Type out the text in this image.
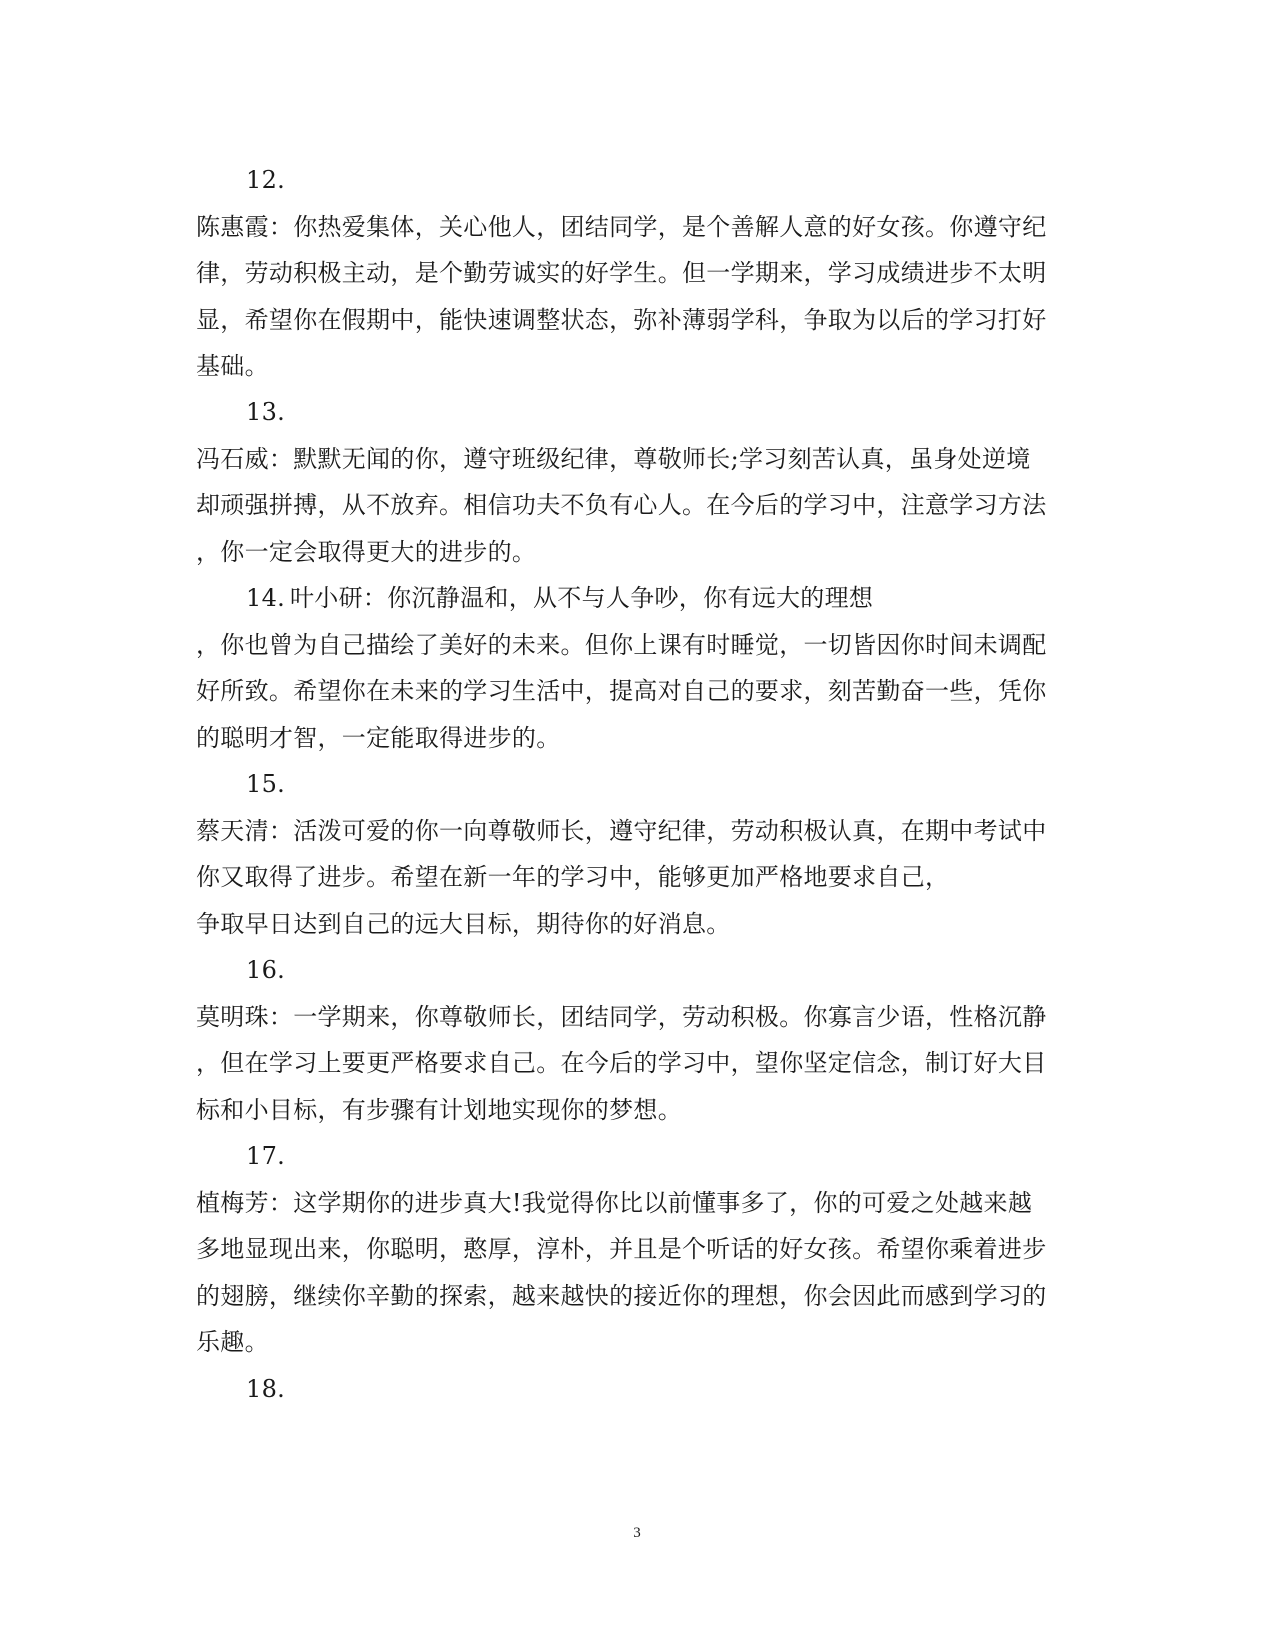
12.
陈惠霞：你热爱集体，关心他人，团结同学，是个善解人意的好女孩。你遵守纪
律，劳动积极主动，是个勤劳诚实的好学生。但一学期来，学习成绩进步不太明
显，希望你在假期中，能快速调整状态，弥补薄弱学科，争取为以后的学习打好
基础。
13.
冯石威：默默无闻的你，遵守班级纪律，尊敬师长;学习刻苦认真，虽身处逆境
却顽强拼搏，从不放弃。相信功夫不负有心人。在今后的学习中，注意学习方法
，你一定会取得更大的进步的。
14. 叶小研：你沉静温和，从不与人争吵，你有远大的理想
，你也曾为自己描绘了美好的未来。但你上课有时睡觉，一切皆因你时间未调配
好所致。希望你在未来的学习生活中，提高对自己的要求，刻苦勤奋一些，凭你
的聪明才智，一定能取得进步的。
15.
蔡天清：活泼可爱的你一向尊敬师长，遵守纪律，劳动积极认真，在期中考试中
你又取得了进步。希望在新一年的学习中，能够更加严格地要求自己，
争取早日达到自己的远大目标，期待你的好消息。
16.
莫明珠：一学期来，你尊敬师长，团结同学，劳动积极。你寡言少语，性格沉静
，但在学习上要更严格要求自己。在今后的学习中，望你坚定信念，制订好大目
标和小目标，有步骤有计划地实现你的梦想。
17.
植梅芳：这学期你的进步真大!我觉得你比以前懂事多了，你的可爱之处越来越
多地显现出来，你聪明，憨厚，淳朴，并且是个听话的好女孩。希望你乘着进步
的翅膀，继续你辛勤的探索，越来越快的接近你的理想，你会因此而感到学习的
乐趣。
18.
3
